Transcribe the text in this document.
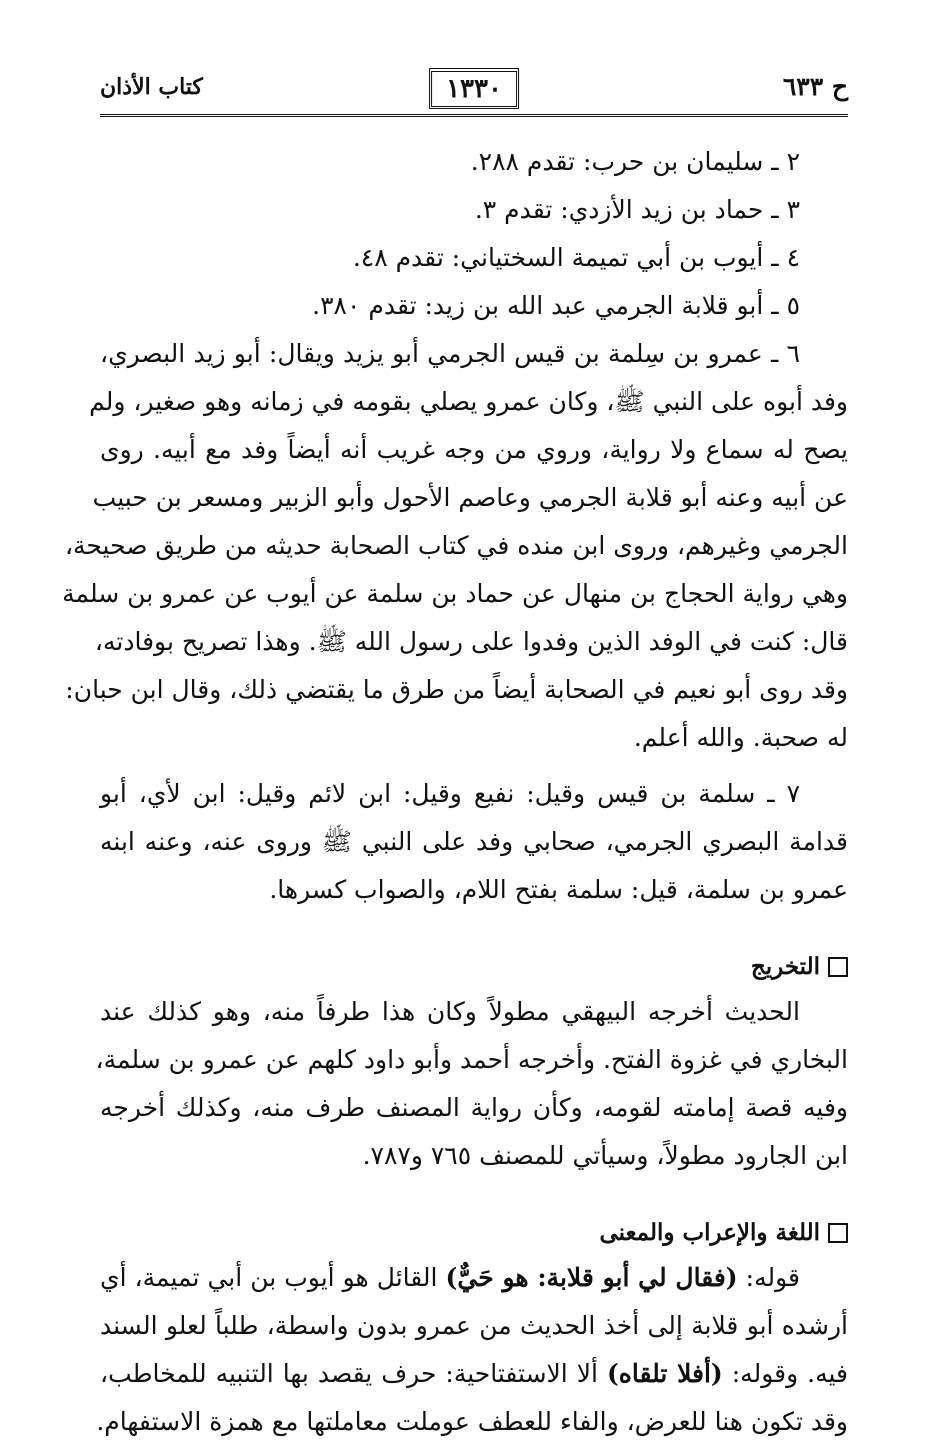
ح ٦٣٣
١٣٣٠
كتاب الأذان
٢ ـ سليمان بن حرب: تقدم ٢٨٨.
٣ ـ حماد بن زيد الأزدي: تقدم ٣.
٤ ـ أيوب بن أبي تميمة السختياني: تقدم ٤٨.
٥ ـ أبو قلابة الجرمي عبد الله بن زيد: تقدم ٣٨٠.
٦ ـ عمرو بن سِلمة بن قيس الجرمي أبو يزيد ويقال: أبو زيد البصري،
وفد أبوه على النبي ﷺ، وكان عمرو يصلي بقومه في زمانه وهو صغير، ولم
يصح له سماع ولا رواية، وروي من وجه غريب أنه أيضاً وفد مع أبيه. روى
عن أبيه وعنه أبو قلابة الجرمي وعاصم الأحول وأبو الزبير ومسعر بن حبيب
الجرمي وغيرهم، وروى ابن منده في كتاب الصحابة حديثه من طريق صحيحة،
وهي رواية الحجاج بن منهال عن حماد بن سلمة عن أيوب عن عمرو بن سلمة
قال: كنت في الوفد الذين وفدوا على رسول الله ﷺ. وهذا تصريح بوفادته،
وقد روى أبو نعيم في الصحابة أيضاً من طرق ما يقتضي ذلك، وقال ابن حبان:
له صحبة. والله أعلم.
٧ ـ سلمة بن قيس وقيل: نفيع وقيل: ابن لائم وقيل: ابن لأي، أبو
قدامة البصري الجرمي، صحابي وفد على النبي ﷺ وروى عنه، وعنه ابنه
عمرو بن سلمة، قيل: سلمة بفتح اللام، والصواب كسرها.
التخريج
الحديث أخرجه البيهقي مطولاً وكان هذا طرفاً منه، وهو كذلك عند
البخاري في غزوة الفتح. وأخرجه أحمد وأبو داود كلهم عن عمرو بن سلمة،
وفيه قصة إمامته لقومه، وكأن رواية المصنف طرف منه، وكذلك أخرجه
ابن الجارود مطولاً، وسيأتي للمصنف ٧٦٥ و٧٨٧.
اللغة والإعراب والمعنى
قوله: (فقال لي أبو قلابة: هو حَيٌّ) القائل هو أيوب بن أبي تميمة، أي
أرشده أبو قلابة إلى أخذ الحديث من عمرو بدون واسطة، طلباً لعلو السند
فيه. وقوله: (أفلا تلقاه) ألا الاستفتاحية: حرف يقصد بها التنبيه للمخاطب،
وقد تكون هنا للعرض، والفاء للعطف عوملت معاملتها مع همزة الاستفهام.
